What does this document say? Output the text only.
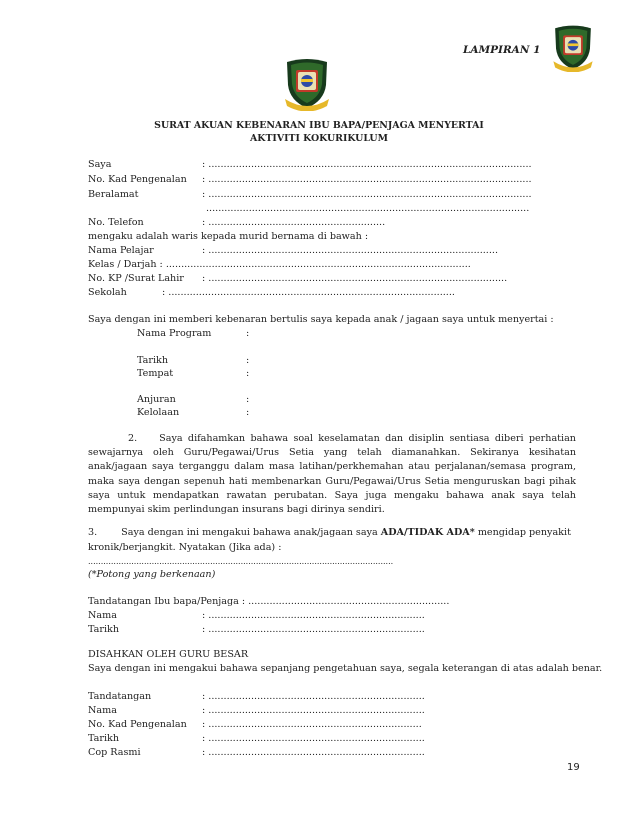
LAMPIRAN 1
SURAT AKUAN KEBENARAN IBU BAPA/PENJAGA MENYERTAI
AKTIVITI KOKURIKULUM
Saya	: ..........................................................................................................
No. Kad Pengenalan : ..........................................................................................................
Beralamat	: ..........................................................................................................
..........................................................................................................
No. Telefon	: ..........................................................
mengaku adalah waris kepada murid bernama di bawah :
Nama Pelajar	: ...............................................................................................
Kelas / Darjah : ....................................................................................................
No. KP /Surat Lahir : ..................................................................................................
Sekolah	: ..............................................................................................
Saya dengan ini memberi kebenaran bertulis saya kepada anak / jagaan saya untuk menyertai :
Nama Program	:
Tarikh	:
Tempat	:
Anjuran	:
Kelolaan	:
2. Saya difahamkan bahawa soal keselamatan dan disiplin sentiasa diberi perhatian sewajarnya oleh Guru/Pegawai/Urus Setia yang telah diamanahkan. Sekiranya kesihatan anak/jagaan saya terganggu dalam masa latihan/perkhemahan atau perjalanan/semasa program, maka saya dengan sepenuh hati membenarkan Guru/Pegawai/Urus Setia menguruskan bagi pihak saya untuk mendapatkan rawatan perubatan. Saya juga mengaku bahawa anak saya telah mempunyai skim perlindungan insurans bagi dirinya sendiri.
3.	Saya dengan ini mengakui bahawa anak/jagaan saya ADA/TIDAK ADA* mengidap penyakit
kronik/berjangkit. Nyatakan (Jika ada) :
........................................................................................................................
(*Potong yang berkenaan)
Tandatangan Ibu bapa/Penjaga : ..................................................................
Nama	: .......................................................................
Tarikh	: .......................................................................
DISAHKAN OLEH GURU BESAR
Saya dengan ini mengakui bahawa sepanjang pengetahuan saya, segala keterangan di atas adalah benar.
Tandatangan	: .......................................................................
Nama	: .......................................................................
No. Kad Pengenalan : ......................................................................
Tarikh	: .......................................................................
Cop Rasmi	: .......................................................................
19
